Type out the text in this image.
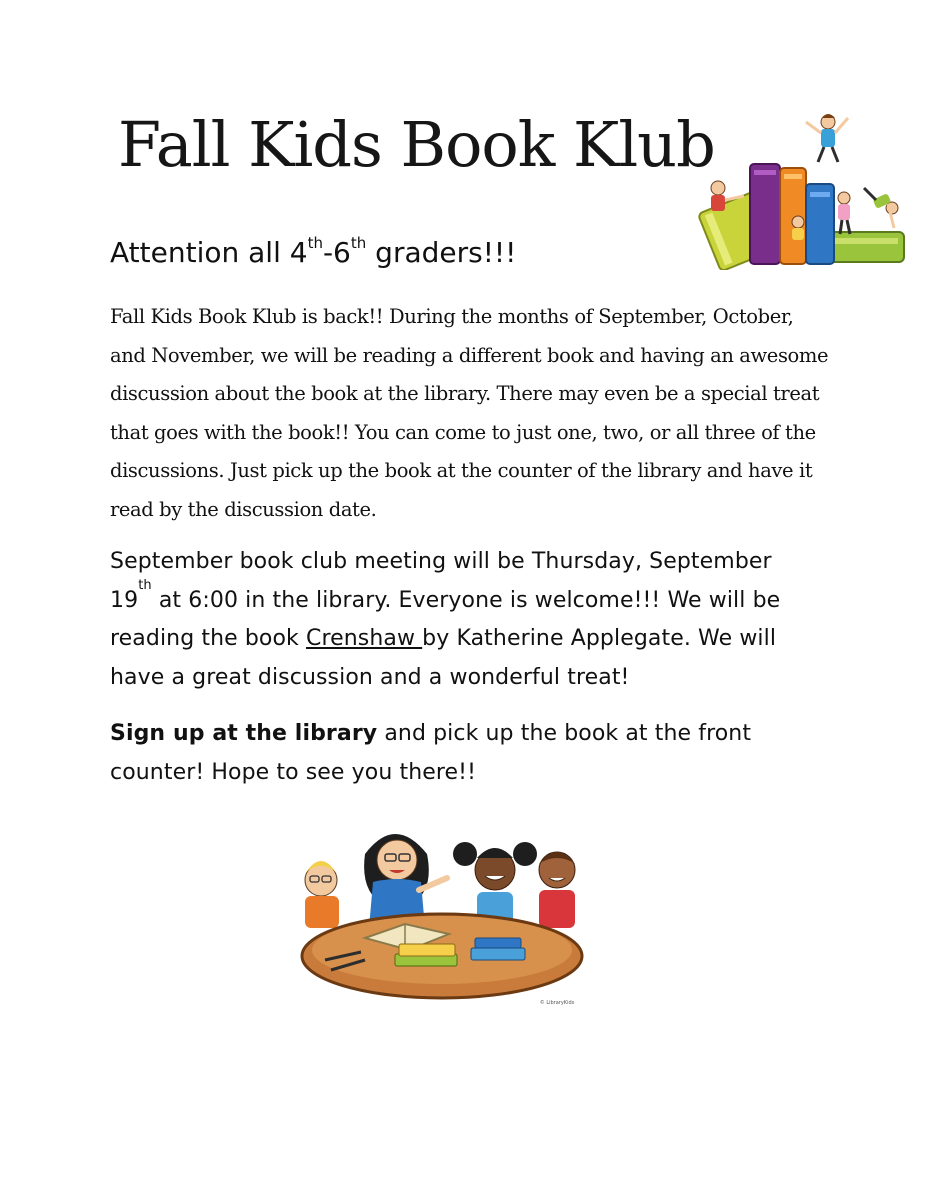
Fall Kids Book Klub
Attention all 4th-6th graders!!!

Fall Kids Book Klub is back!! During the months of September, October, and November, we will be reading a different book and having an awesome discussion about the book at the library. There may even be a special treat that goes with the book!! You can come to just one, two, or all three of the discussions. Just pick up the book at the counter of the library and have it read by the discussion date.

September book club meeting will be Thursday, September 19th at 6:00 in the library. Everyone is welcome!!! We will be reading the book Crenshaw by Katherine Applegate. We will have a great discussion and a wonderful treat!

Sign up at the library and pick up the book at the front counter! Hope to see you there!!

© LibraryKids
